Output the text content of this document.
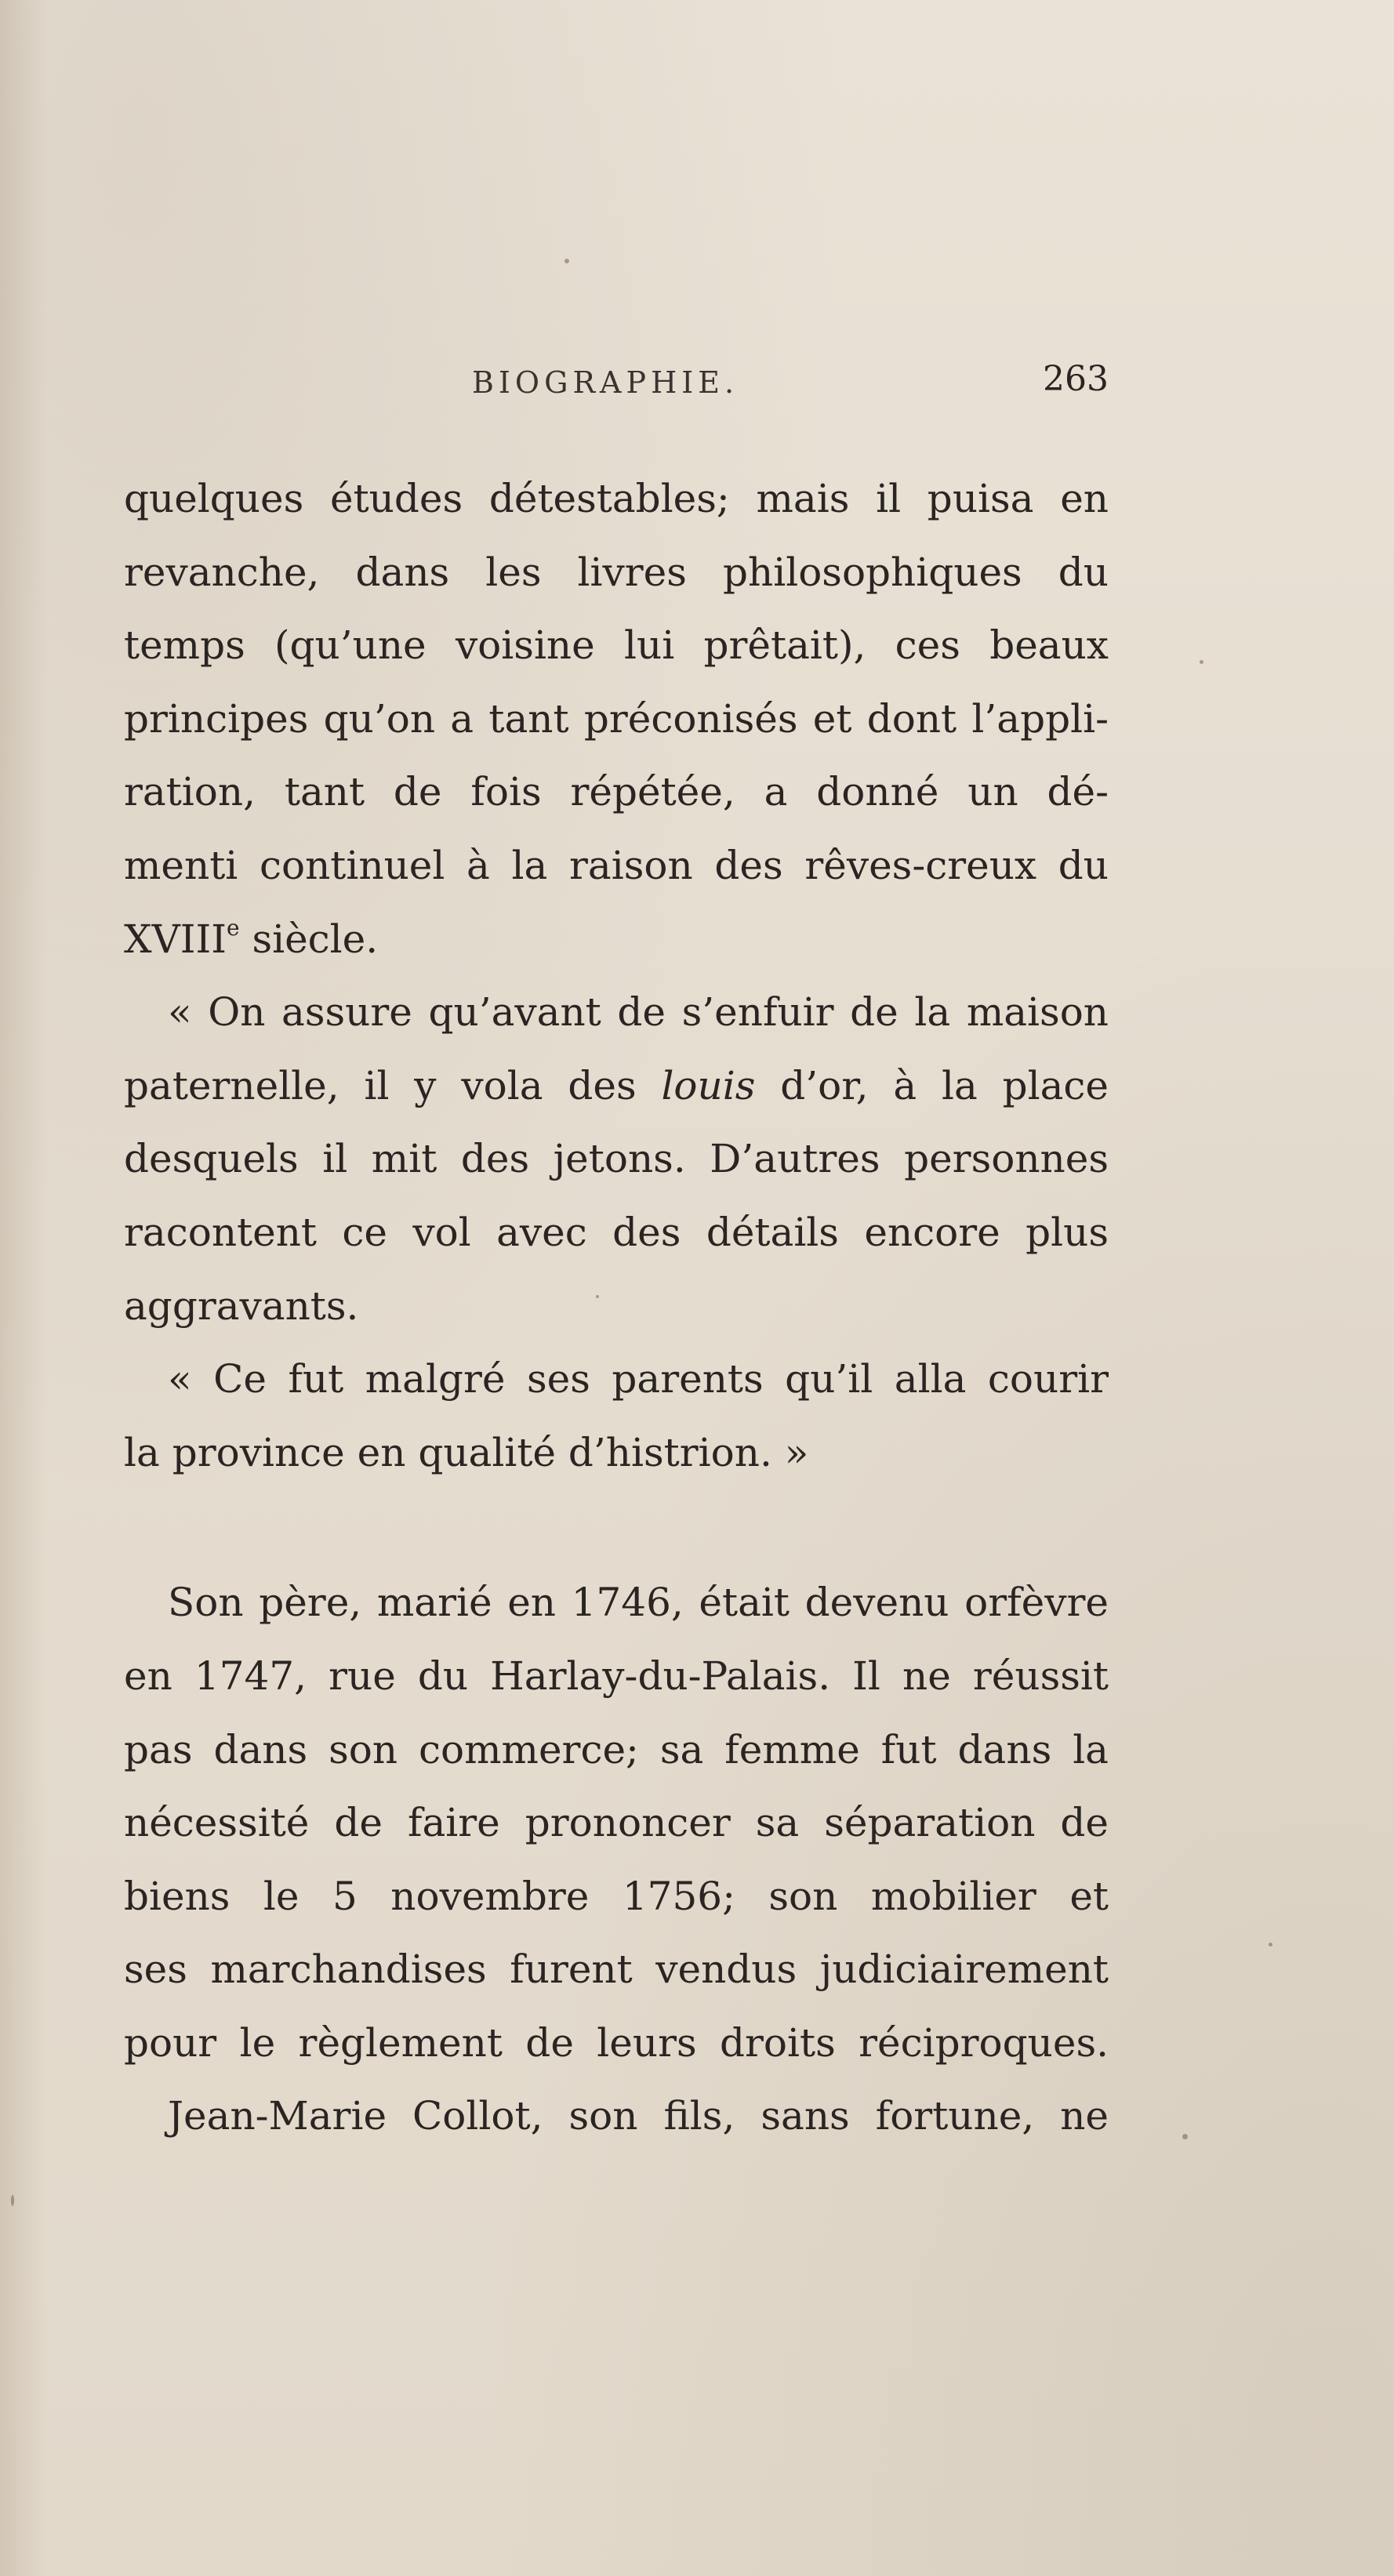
BIOGRAPHIE.	263
quelques études détestables; mais il puisa en
revanche, dans les livres philosophiques du
temps (qu’une voisine lui prêtait), ces beaux
principes qu’on a tant préconisés et dont l’appli-
ration, tant de fois répétée, a donné un dé-
menti continuel à la raison des rêves-creux du
XVIIIe siècle.
« On assure qu’avant de s’enfuir de la maison
paternelle, il y vola des louis d’or, à la place
desquels il mit des jetons. D’autres personnes
racontent ce vol avec des détails encore plus
aggravants.
« Ce fut malgré ses parents qu’il alla courir
la province en qualité d’histrion. »
Son père, marié en 1746, était devenu orfèvre
en 1747, rue du Harlay-du-Palais. Il ne réussit
pas dans son commerce; sa femme fut dans la
nécessité de faire prononcer sa séparation de
biens le 5 novembre 1756; son mobilier et
ses marchandises furent vendus judiciairement
pour le règlement de leurs droits réciproques.
Jean-Marie Collot, son fils, sans fortune, ne
